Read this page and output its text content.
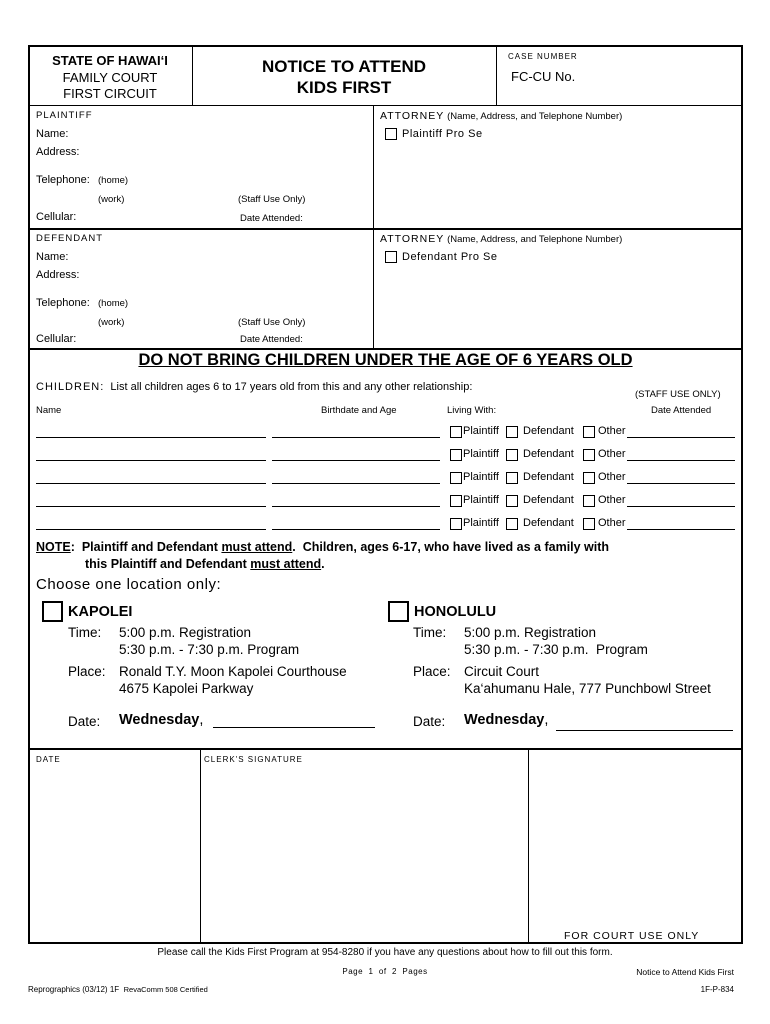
STATE OF HAWAI‘I
FAMILY COURT
FIRST CIRCUIT
NOTICE TO ATTEND
KIDS FIRST
CASE NUMBER
FC-CU No.
PLAINTIFF
Name:
Address:
Telephone: (home)
(work)	(Staff Use Only)
Cellular:	Date Attended:
ATTORNEY (Name, Address, and Telephone Number)
Plaintiff Pro Se
DEFENDANT
Name:
Address:
Telephone: (home)
(work)	(Staff Use Only)
Cellular:	Date Attended:
ATTORNEY (Name, Address, and Telephone Number)
Defendant Pro Se
DO NOT BRING CHILDREN UNDER THE AGE OF 6 YEARS OLD
CHILDREN: List all children ages 6 to 17 years old from this and any other relationship:
(STAFF USE ONLY)
Name	Birthdate and Age	Living With:	Date Attended
Plaintiff Defendant Other
Plaintiff Defendant Other
Plaintiff Defendant Other
Plaintiff Defendant Other
Plaintiff Defendant Other
NOTE:  Plaintiff and Defendant must attend.  Children, ages 6-17, who have lived as a family with
this Plaintiff and Defendant must attend.
Choose one location only:
KAPOLEI
Time: 5:00 p.m. Registration
5:30 p.m. - 7:30 p.m. Program
Place: Ronald T.Y. Moon Kapolei Courthouse
4675 Kapolei Parkway
Date: Wednesday,
HONOLULU
Time: 5:00 p.m. Registration
5:30 p.m. - 7:30 p.m.  Program
Place: Circuit Court
Ka‘ahumanu Hale, 777 Punchbowl Street
Date: Wednesday,
DATE	CLERK'S SIGNATURE
FOR COURT USE ONLY
Please call the Kids First Program at 954-8280 if you have any questions about how to fill out this form.
Page  1  of  2  Pages	Notice to Attend Kids First
Reprographics (03/12) 1F RevaComm 508 Certified	1F-P-834
